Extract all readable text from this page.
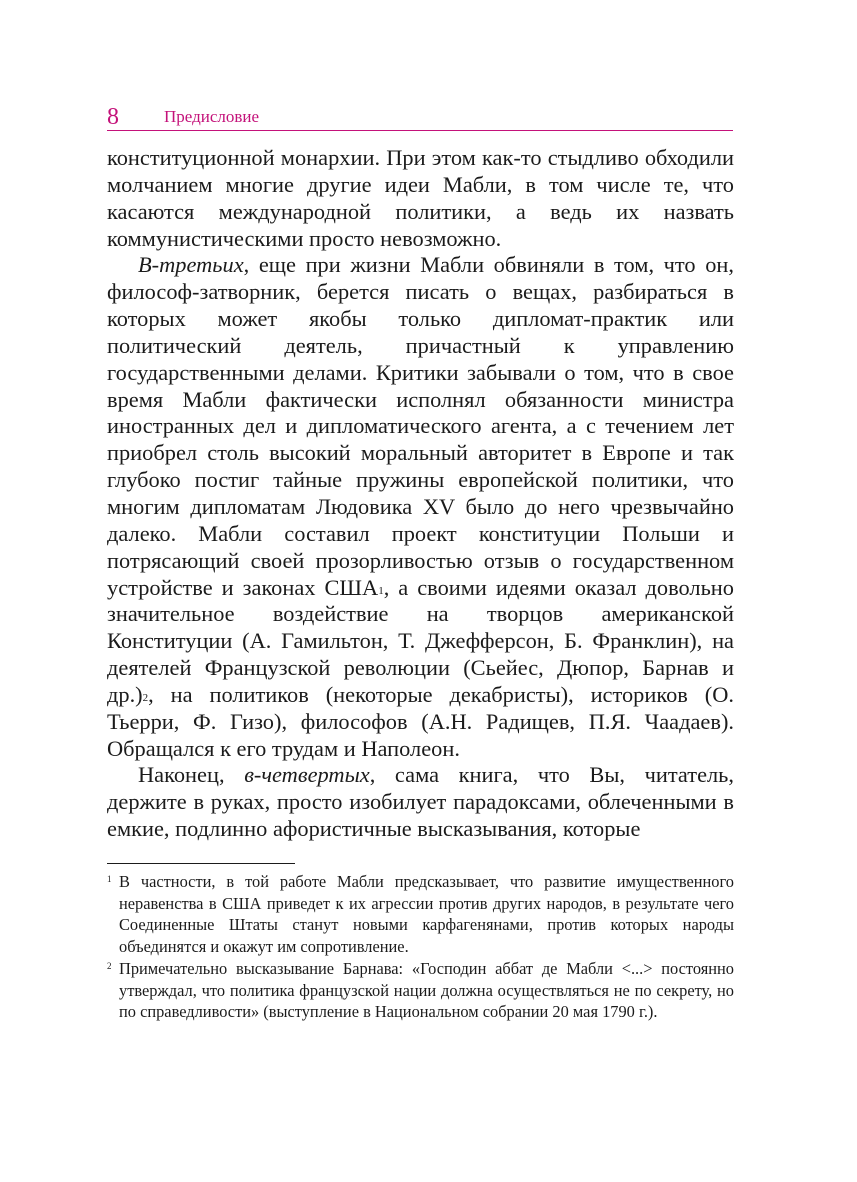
8	Предисловие

конституционной монархии. При этом как-то стыдливо обходили молчанием многие другие идеи Мабли, в том числе те, что касаются международной политики, а ведь их назвать коммунистическими просто невозможно.

В-третьих, еще при жизни Мабли обвиняли в том, что он, философ-затворник, берется писать о вещах, разбираться в которых может якобы только дипломат-практик или политический деятель, причастный к управлению государственными делами. Критики забывали о том, что в свое время Мабли фактически исполнял обязанности министра иностранных дел и дипломатического агента, а с течением лет приобрел столь высокий моральный авторитет в Европе и так глубоко постиг тайные пружины европейской политики, что многим дипломатам Людовика XV было до него чрезвычайно далеко. Мабли составил проект конституции Польши и потрясающий своей прозорливостью отзыв о государственном устройстве и законах США$^1$, а своими идеями оказал довольно значительное воздействие на творцов американской Конституции (А. Гамильтон, Т. Джефферсон, Б. Франклин), на деятелей Французской революции (Сьейес, Дюпор, Барнав и др.)$^2$, на политиков (некоторые декабристы), историков (О. Тьерри, Ф. Гизо), философов (А.Н. Радищев, П.Я. Чаадаев). Обращался к его трудам и Наполеон.

Наконец, в-четвертых, сама книга, что Вы, читатель, держите в руках, просто изобилует парадоксами, облеченными в емкие, подлинно афористичные высказывания, которые

1 В частности, в той работе Мабли предсказывает, что развитие имущественного неравенства в США приведет к их агрессии против других народов, в результате чего Соединенные Штаты станут новыми карфагенянами, против которых народы объединятся и окажут им сопротивление.
2 Примечательно высказывание Барнава: «Господин аббат де Мабли <...> постоянно утверждал, что политика французской нации должна осуществляться не по секрету, но по справедливости» (выступление в Национальном собрании 20 мая 1790 г.).
